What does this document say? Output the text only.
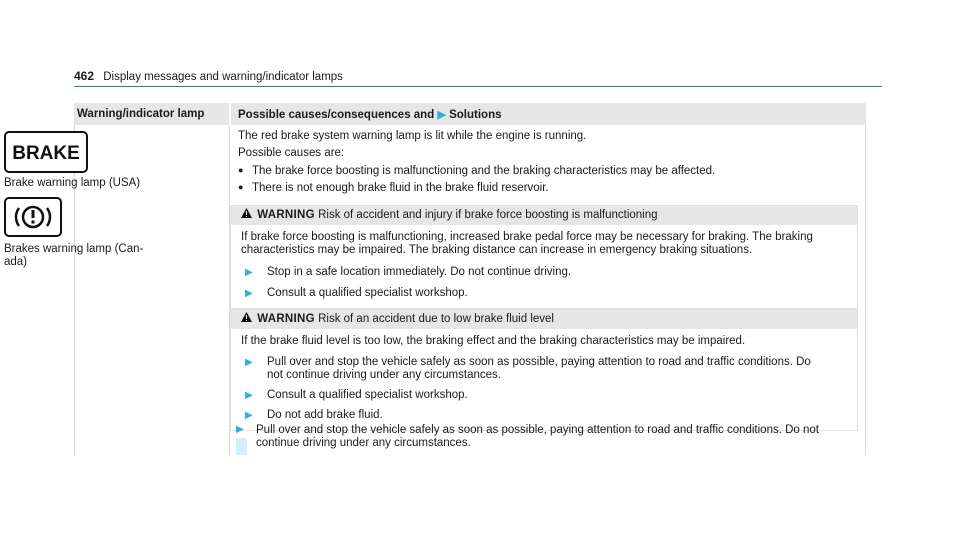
462 Display messages and warning/indicator lamps
Warning/indicator lamp	Possible causes/consequences and ▶ Solutions
BRAKE
Brake warning lamp (USA)
Brakes warning lamp (Can-
ada)
The red brake system warning lamp is lit while the engine is running.
Possible causes are:
● The brake force boosting is malfunctioning and the braking characteristics may be affected.
● There is not enough brake fluid in the brake fluid reservoir.
WARNING Risk of accident and injury if brake force boosting is malfunctioning
If brake force boosting is malfunctioning, increased brake pedal force may be necessary for braking. The braking
characteristics may be impaired. The braking distance can increase in emergency braking situations.
▶	Stop in a safe location immediately. Do not continue driving.
▶	Consult a qualified specialist workshop.
WARNING Risk of an accident due to low brake fluid level
If the brake fluid level is too low, the braking effect and the braking characteristics may be impaired.
▶	Pull over and stop the vehicle safely as soon as possible, paying attention to road and traffic conditions. Do
not continue driving under any circumstances.
▶	Consult a qualified specialist workshop.
▶	Do not add brake fluid.
▶ Pull over and stop the vehicle safely as soon as possible, paying attention to road and traffic conditions. Do not
continue driving under any circumstances.
